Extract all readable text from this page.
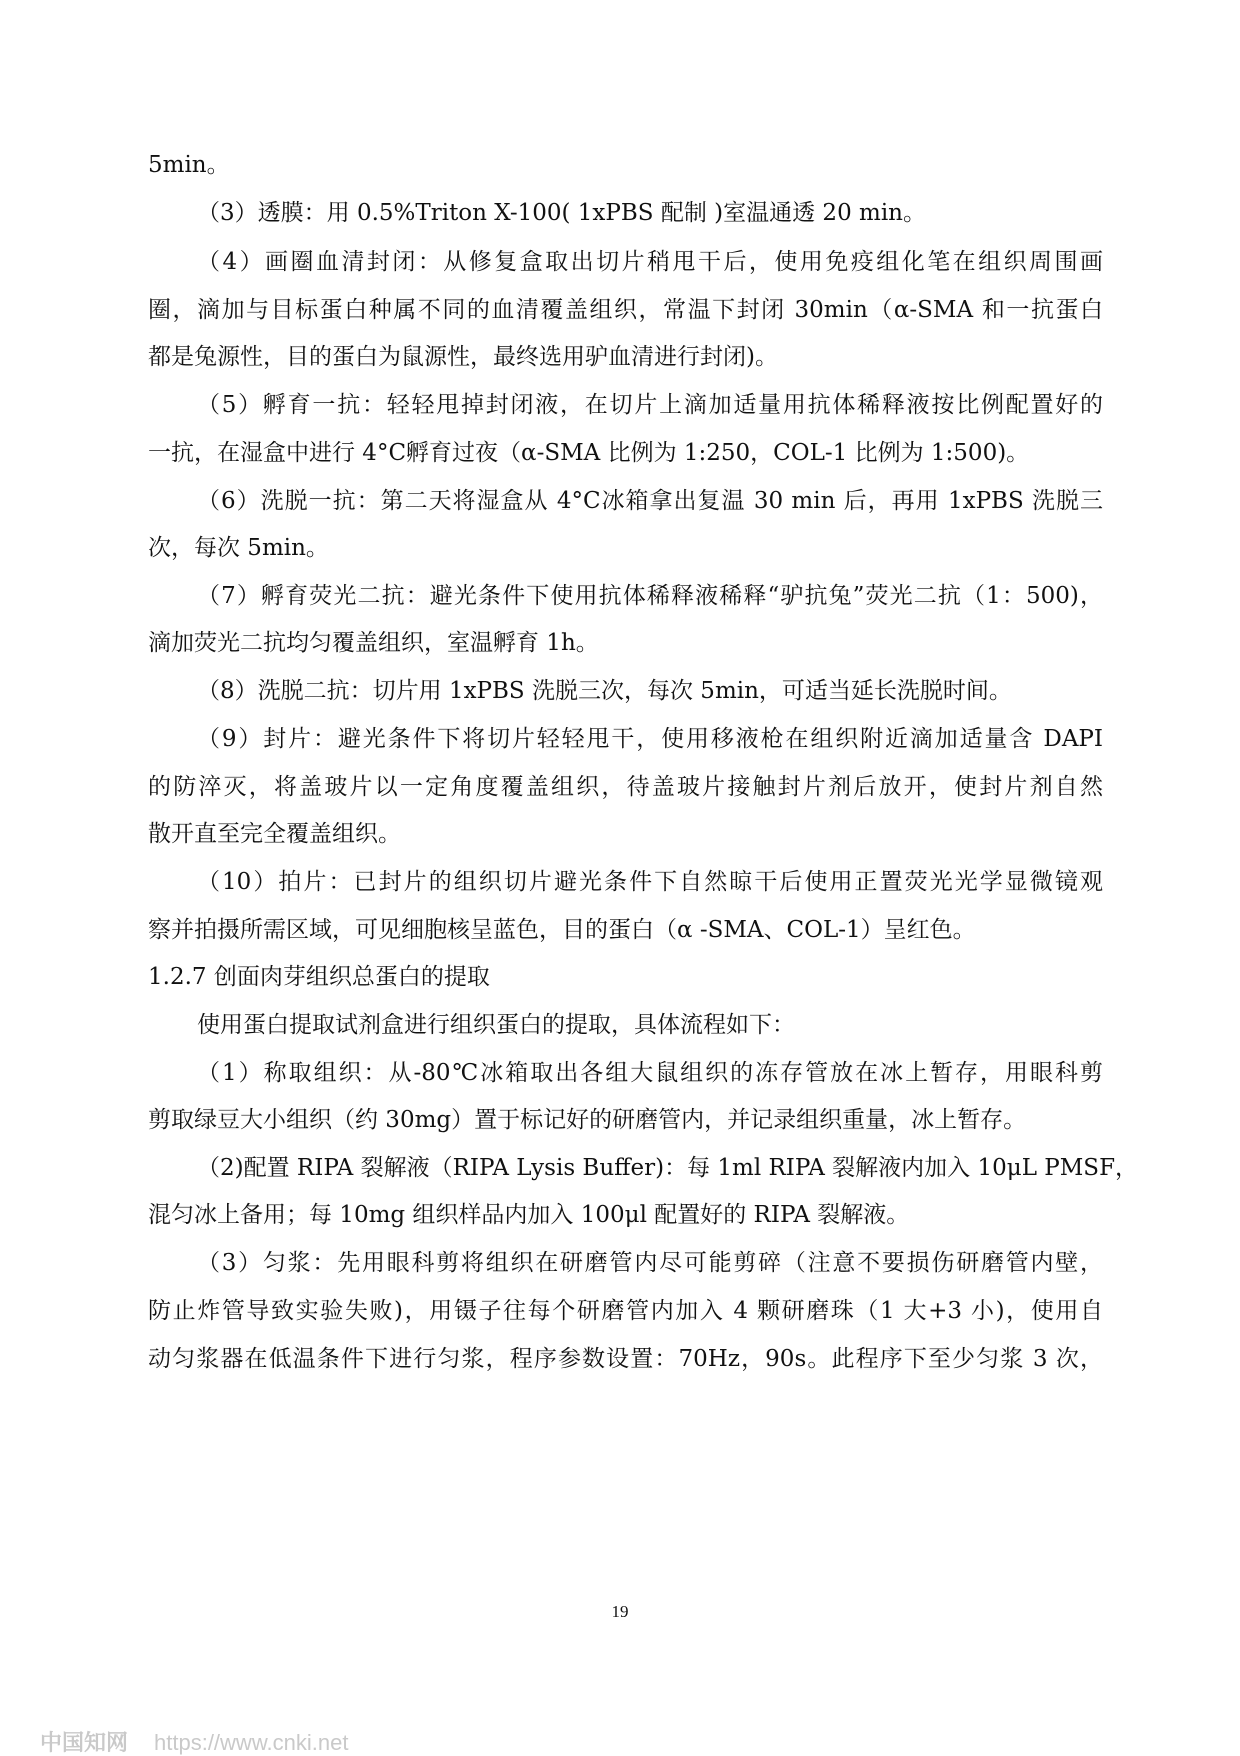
5min。
（3）透膜：用 0.5%Triton X-100( 1xPBS 配制 )室温通透 20 min。
（4）画圈血清封闭：从修复盒取出切片稍甩干后，使用免疫组化笔在组织周围画
圈，滴加与目标蛋白种属不同的血清覆盖组织，常温下封闭 30min（α-SMA 和一抗蛋白
都是兔源性，目的蛋白为鼠源性，最终选用驴血清进行封闭)。
（5）孵育一抗：轻轻甩掉封闭液，在切片上滴加适量用抗体稀释液按比例配置好的
一抗，在湿盒中进行 4°C孵育过夜（α-SMA 比例为 1:250，COL-1 比例为 1:500)。
（6）洗脱一抗：第二天将湿盒从 4°C冰箱拿出复温 30 min 后，再用 1xPBS 洗脱三
次，每次 5min。
（7）孵育荧光二抗：避光条件下使用抗体稀释液稀释“驴抗兔”荧光二抗（1：500)，
滴加荧光二抗均匀覆盖组织，室温孵育 1h。
（8）洗脱二抗：切片用 1xPBS 洗脱三次，每次 5min，可适当延长洗脱时间。
（9）封片：避光条件下将切片轻轻甩干，使用移液枪在组织附近滴加适量含 DAPI
的防淬灭，将盖玻片以一定角度覆盖组织，待盖玻片接触封片剂后放开，使封片剂自然
散开直至完全覆盖组织。
（10）拍片：已封片的组织切片避光条件下自然晾干后使用正置荧光光学显微镜观
察并拍摄所需区域，可见细胞核呈蓝色，目的蛋白（α -SMA、COL-1）呈红色。
1.2.7 创面肉芽组织总蛋白的提取
使用蛋白提取试剂盒进行组织蛋白的提取，具体流程如下：
（1）称取组织：从-80℃冰箱取出各组大鼠组织的冻存管放在冰上暂存，用眼科剪
剪取绿豆大小组织（约 30mg）置于标记好的研磨管内，并记录组织重量，冰上暂存。
（2)配置 RIPA 裂解液（RIPA Lysis Buffer)：每 1ml RIPA 裂解液内加入 10μL PMSF，
混匀冰上备用；每 10mg 组织样品内加入 100μl 配置好的 RIPA 裂解液。
（3）匀浆：先用眼科剪将组织在研磨管内尽可能剪碎（注意不要损伤研磨管内壁，
防止炸管导致实验失败)，用镊子往每个研磨管内加入 4 颗研磨珠（1 大+3 小)，使用自
动匀浆器在低温条件下进行匀浆，程序参数设置：70Hz，90s。此程序下至少匀浆 3 次，
19
中国知网 https://www.cnki.net
